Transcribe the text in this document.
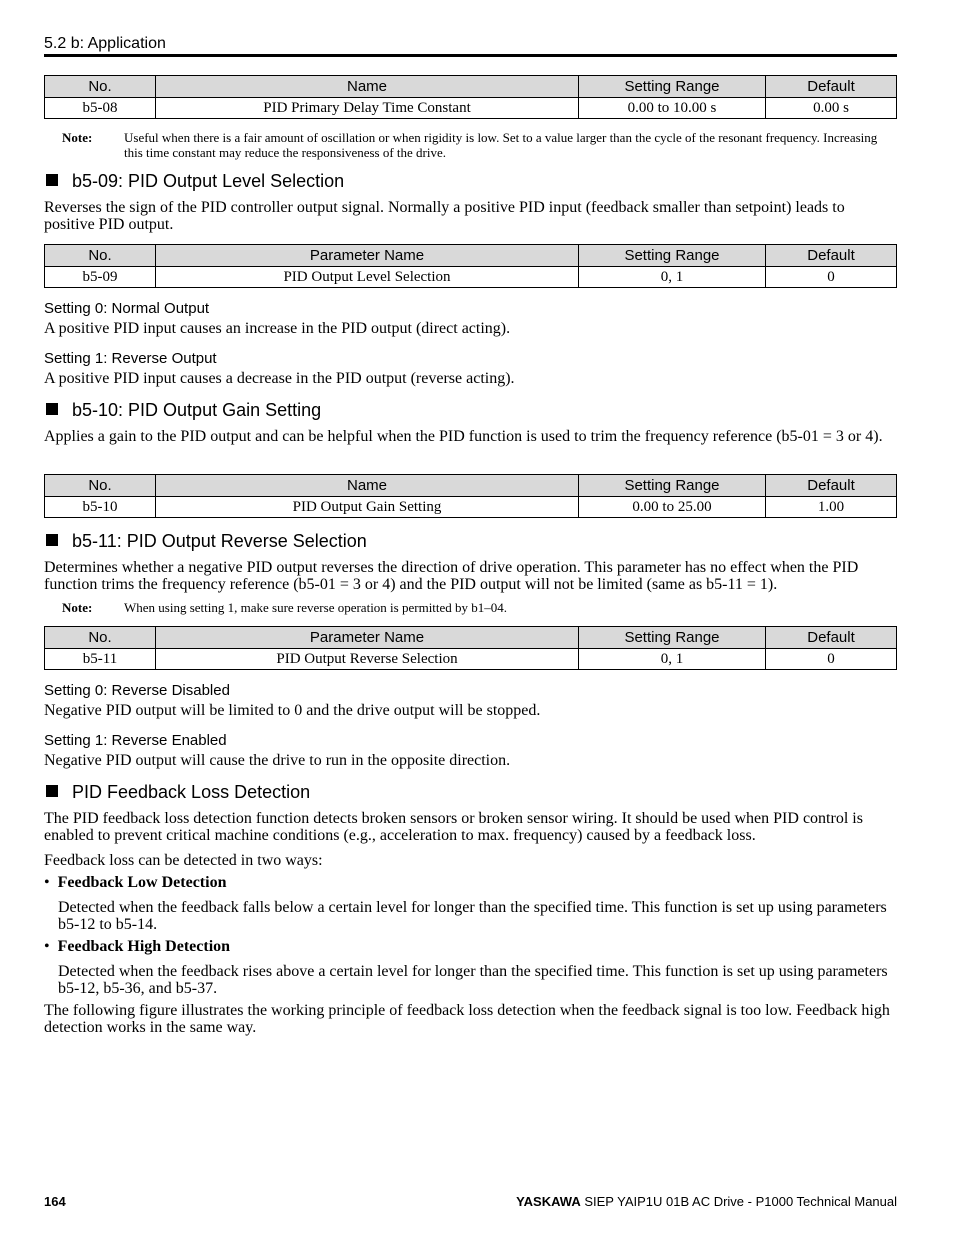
5.2 b: Application
No.	Name	Setting Range	Default
b5-08	PID Primary Delay Time Constant	0.00 to 10.00 s	0.00 s
Note: Useful when there is a fair amount of oscillation or when rigidity is low. Set to a value larger than the cycle of the resonant frequency. Increasing this time constant may reduce the responsiveness of the drive.
b5-09: PID Output Level Selection
Reverses the sign of the PID controller output signal. Normally a positive PID input (feedback smaller than setpoint) leads to positive PID output.
No.	Parameter Name	Setting Range	Default
b5-09	PID Output Level Selection	0, 1	0
Setting 0: Normal Output
A positive PID input causes an increase in the PID output (direct acting).
Setting 1: Reverse Output
A positive PID input causes a decrease in the PID output (reverse acting).
b5-10: PID Output Gain Setting
Applies a gain to the PID output and can be helpful when the PID function is used to trim the frequency reference (b5-01 = 3 or 4).
No.	Name	Setting Range	Default
b5-10	PID Output Gain Setting	0.00 to 25.00	1.00
b5-11: PID Output Reverse Selection
Determines whether a negative PID output reverses the direction of drive operation. This parameter has no effect when the PID function trims the frequency reference (b5-01 = 3 or 4) and the PID output will not be limited (same as b5-11 = 1).
Note: When using setting 1, make sure reverse operation is permitted by b1–04.
No.	Parameter Name	Setting Range	Default
b5-11	PID Output Reverse Selection	0, 1	0
Setting 0: Reverse Disabled
Negative PID output will be limited to 0 and the drive output will be stopped.
Setting 1: Reverse Enabled
Negative PID output will cause the drive to run in the opposite direction.
PID Feedback Loss Detection
The PID feedback loss detection function detects broken sensors or broken sensor wiring. It should be used when PID control is enabled to prevent critical machine conditions (e.g., acceleration to max. frequency) caused by a feedback loss.
Feedback loss can be detected in two ways:
• Feedback Low Detection
Detected when the feedback falls below a certain level for longer than the specified time. This function is set up using parameters b5-12 to b5-14.
• Feedback High Detection
Detected when the feedback rises above a certain level for longer than the specified time. This function is set up using parameters b5-12, b5-36, and b5-37.
The following figure illustrates the working principle of feedback loss detection when the feedback signal is too low. Feedback high detection works in the same way.
164	YASKAWA SIEP YAIP1U 01B AC Drive - P1000 Technical Manual
